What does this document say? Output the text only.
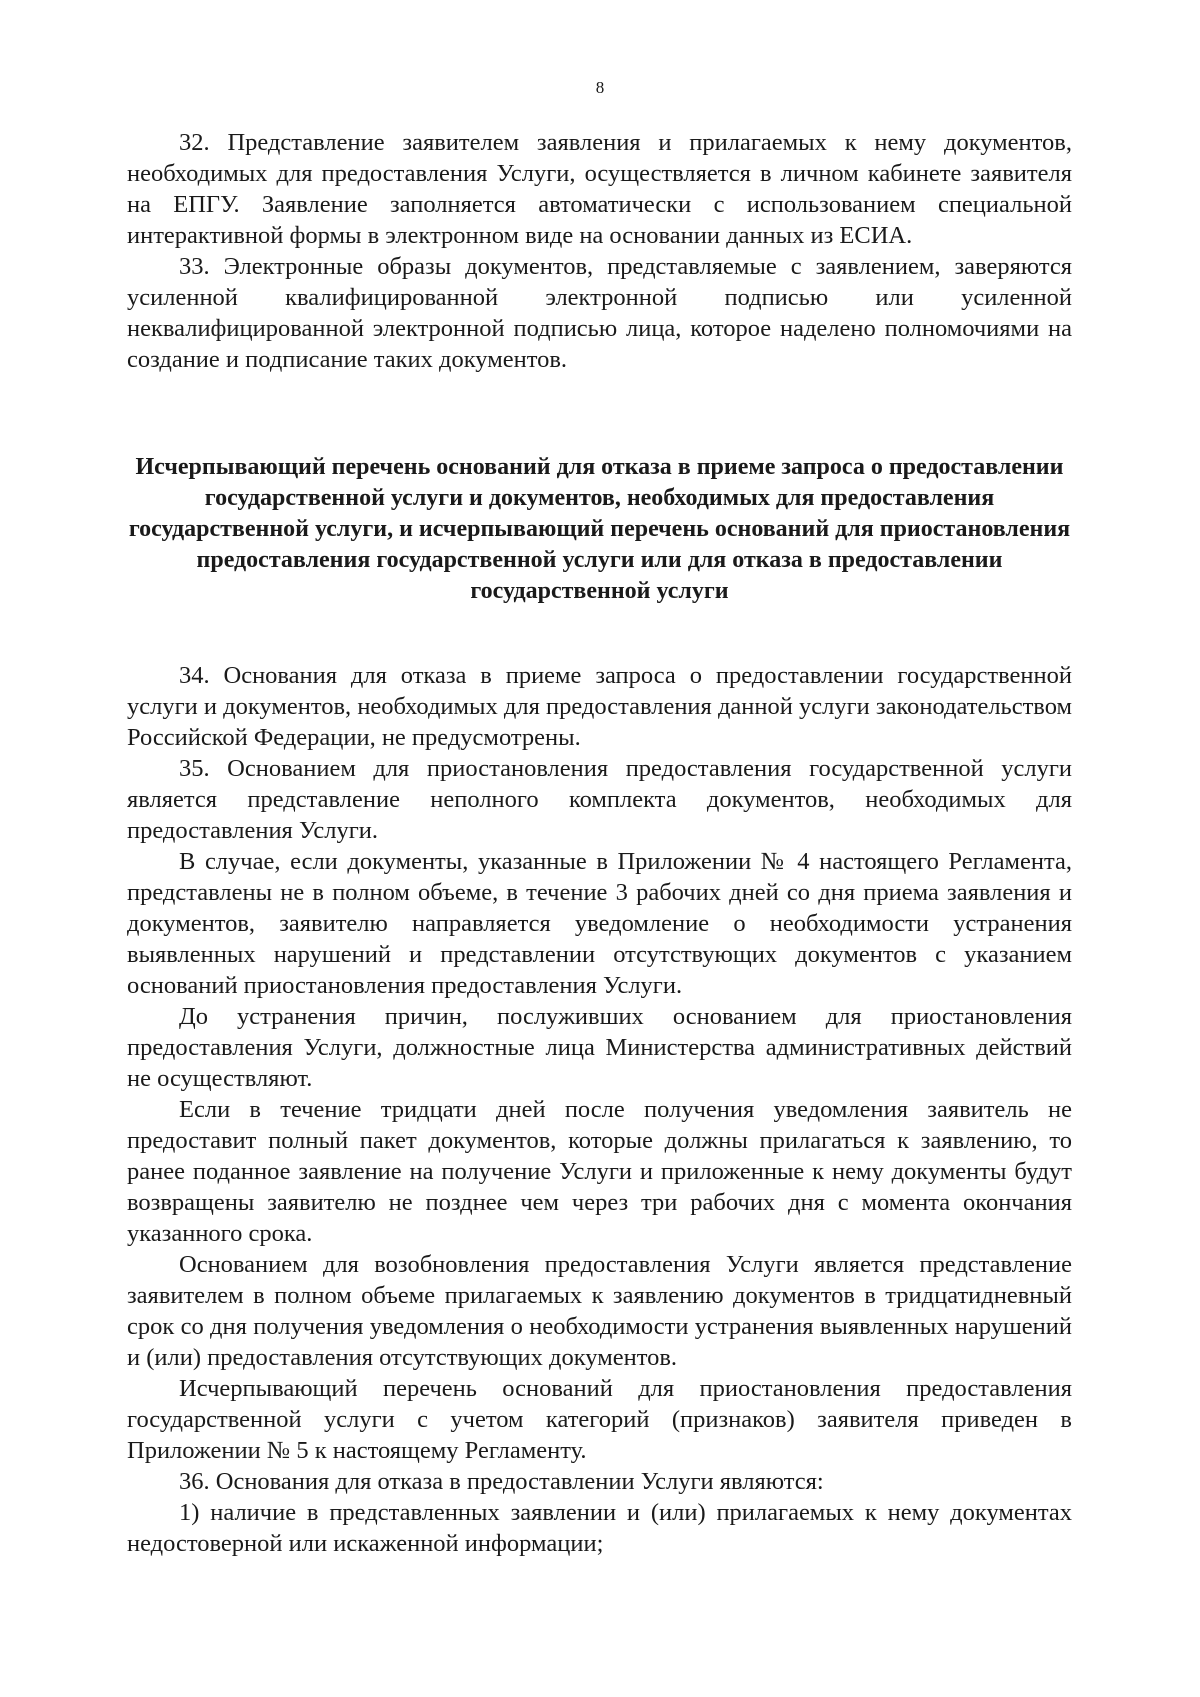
8

32. Представление заявителем заявления и прилагаемых к нему документов, необходимых для предоставления Услуги, осуществляется в личном кабинете заявителя на ЕПГУ. Заявление заполняется автоматически с использованием специальной интерактивной формы в электронном виде на основании данных из ЕСИА.

33. Электронные образы документов, представляемые с заявлением, заверяются усиленной квалифицированной электронной подписью или усиленной неквалифицированной электронной подписью лица, которое наделено полномочиями на создание и подписание таких документов.

Исчерпывающий перечень оснований для отказа в приеме запроса о предоставлении государственной услуги и документов, необходимых для предоставления государственной услуги, и исчерпывающий перечень оснований для приостановления предоставления государственной услуги или для отказа в предоставлении государственной услуги

34. Основания для отказа в приеме запроса о предоставлении государственной услуги и документов, необходимых для предоставления данной услуги законодательством Российской Федерации, не предусмотрены.

35. Основанием для приостановления предоставления государственной услуги является представление неполного комплекта документов, необходимых для предоставления Услуги.

В случае, если документы, указанные в Приложении № 4 настоящего Регламента, представлены не в полном объеме, в течение 3 рабочих дней со дня приема заявления и документов, заявителю направляется уведомление о необходимости устранения выявленных нарушений и представлении отсутствующих документов с указанием оснований приостановления предоставления Услуги.

До устранения причин, послуживших основанием для приостановления предоставления Услуги, должностные лица Министерства административных действий не осуществляют.

Если в течение тридцати дней после получения уведомления заявитель не предоставит полный пакет документов, которые должны прилагаться к заявлению, то ранее поданное заявление на получение Услуги и приложенные к нему документы будут возвращены заявителю не позднее чем через три рабочих дня с момента окончания указанного срока.

Основанием для возобновления предоставления Услуги является представление заявителем в полном объеме прилагаемых к заявлению документов в тридцатидневный срок со дня получения уведомления о необходимости устранения выявленных нарушений и (или) предоставления отсутствующих документов.

Исчерпывающий перечень оснований для приостановления предоставления государственной услуги с учетом категорий (признаков) заявителя приведен в Приложении № 5 к настоящему Регламенту.

36. Основания для отказа в предоставлении Услуги являются:

1) наличие в представленных заявлении и (или) прилагаемых к нему документах недостоверной или искаженной информации;
